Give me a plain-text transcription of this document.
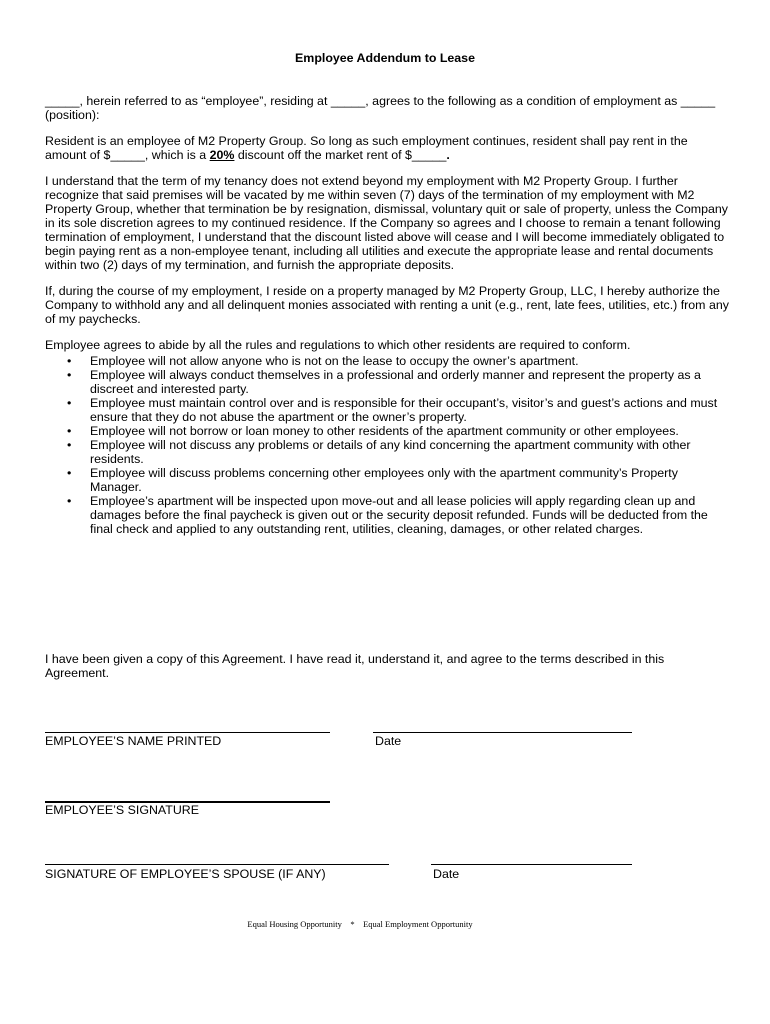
Employee Addendum to Lease

_____, herein referred to as “employee”, residing at _____, agrees to the following as a condition of employment as _____ (position):

Resident is an employee of M2 Property Group. So long as such employment continues, resident shall pay rent in the amount of $_____, which is a 20% discount off the market rent of $_____.

I understand that the term of my tenancy does not extend beyond my employment with M2 Property Group. I further recognize that said premises will be vacated by me within seven (7) days of the termination of my employment with M2 Property Group, whether that termination be by resignation, dismissal, voluntary quit or sale of property, unless the Company in its sole discretion agrees to my continued residence. If the Company so agrees and I choose to remain a tenant following termination of employment, I understand that the discount listed above will cease and I will become immediately obligated to begin paying rent as a non-employee tenant, including all utilities and execute the appropriate lease and rental documents within two (2) days of my termination, and furnish the appropriate deposits.

If, during the course of my employment, I reside on a property managed by M2 Property Group, LLC, I hereby authorize the Company to withhold any and all delinquent monies associated with renting a unit (e.g., rent, late fees, utilities, etc.) from any of my paychecks.

Employee agrees to abide by all the rules and regulations to which other residents are required to conform.

• Employee will not allow anyone who is not on the lease to occupy the owner’s apartment.
• Employee will always conduct themselves in a professional and orderly manner and represent the property as a discreet and interested party.
• Employee must maintain control over and is responsible for their occupant’s, visitor’s and guest’s actions and must ensure that they do not abuse the apartment or the owner’s property.
• Employee will not borrow or loan money to other residents of the apartment community or other employees.
• Employee will not discuss any problems or details of any kind concerning the apartment community with other residents.
• Employee will discuss problems concerning other employees only with the apartment community’s Property Manager.
• Employee’s apartment will be inspected upon move-out and all lease policies will apply regarding clean up and damages before the final paycheck is given out or the security deposit refunded. Funds will be deducted from the final check and applied to any outstanding rent, utilities, cleaning, damages, or other related charges.
I have been given a copy of this Agreement. I have read it, understand it, and agree to the terms described in this Agreement.
EMPLOYEE’S NAME PRINTED	Date
EMPLOYEE’S SIGNATURE
SIGNATURE OF EMPLOYEE’S SPOUSE (IF ANY)	Date
Equal Housing Opportunity    *    Equal Employment Opportunity
